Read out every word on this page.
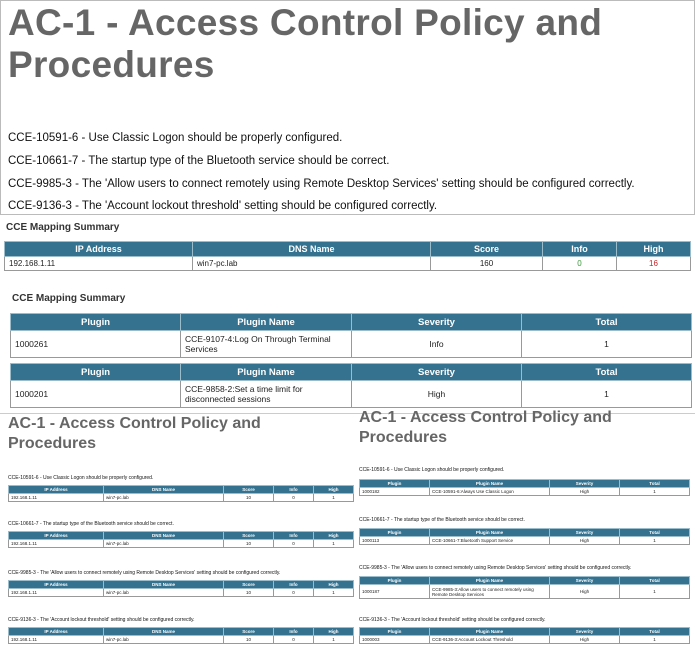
AC-1 - Access Control Policy and Procedures
CCE-10591-6 - Use Classic Logon should be properly configured.
CCE-10661-7 - The startup type of the Bluetooth service should be correct.
CCE-9985-3 - The 'Allow users to connect remotely using Remote Desktop Services' setting should be configured correctly.
CCE-9136-3 - The 'Account lockout threshold' setting should be configured correctly.
CCE Mapping Summary
IP Address	DNS Name	Score	Info	High
192.168.1.11	win7-pc.lab	160	0	16
CCE Mapping Summary
Plugin	Plugin Name	Severity	Total
1000261	CCE-9107-4:Log On Through Terminal Services	Info	1
Plugin	Plugin Name	Severity	Total
1000201	CCE-9858-2:Set a time limit for disconnected sessions	High	1
AC-1 - Access Control Policy and Procedures
CCE-10591-6 - Use Classic Logon should be properly configured.
IP Address	DNS Name	Score	Info	High
192.168.1.11	win7-pc.lab	10	0	1
CCE-10661-7 - The startup type of the Bluetooth service should be correct.
IP Address	DNS Name	Score	Info	High
192.168.1.11	win7-pc.lab	10	0	1
CCE-9985-3 - The 'Allow users to connect remotely using Remote Desktop Services' setting should be configured correctly.
IP Address	DNS Name	Score	Info	High
192.168.1.11	win7-pc.lab	10	0	1
CCE-9136-3 - The 'Account lockout threshold' setting should be configured correctly.
IP Address	DNS Name	Score	Info	High
192.168.1.11	win7-pc.lab	10	0	1
AC-1 - Access Control Policy and Procedures
CCE-10591-6 - Use Classic Logon should be properly configured.
Plugin	Plugin Name	Severity	Total
1000182	CCE-10591-6:Always Use Classic Logon	High	1
CCE-10661-7 - The startup type of the Bluetooth service should be correct.
Plugin	Plugin Name	Severity	Total
1000113	CCE-10661-7:Bluetooth Support Service	High	1
CCE-9985-3 - The 'Allow users to connect remotely using Remote Desktop Services' setting should be configured correctly.
Plugin	Plugin Name	Severity	Total
1000187	CCE-9985-3:Allow users to connect remotely using Remote Desktop Services	High	1
CCE-9136-3 - The 'Account lockout threshold' setting should be configured correctly.
Plugin	Plugin Name	Severity	Total
1000003	CCE-9136-3:Account Lockout Threshold	High	1
